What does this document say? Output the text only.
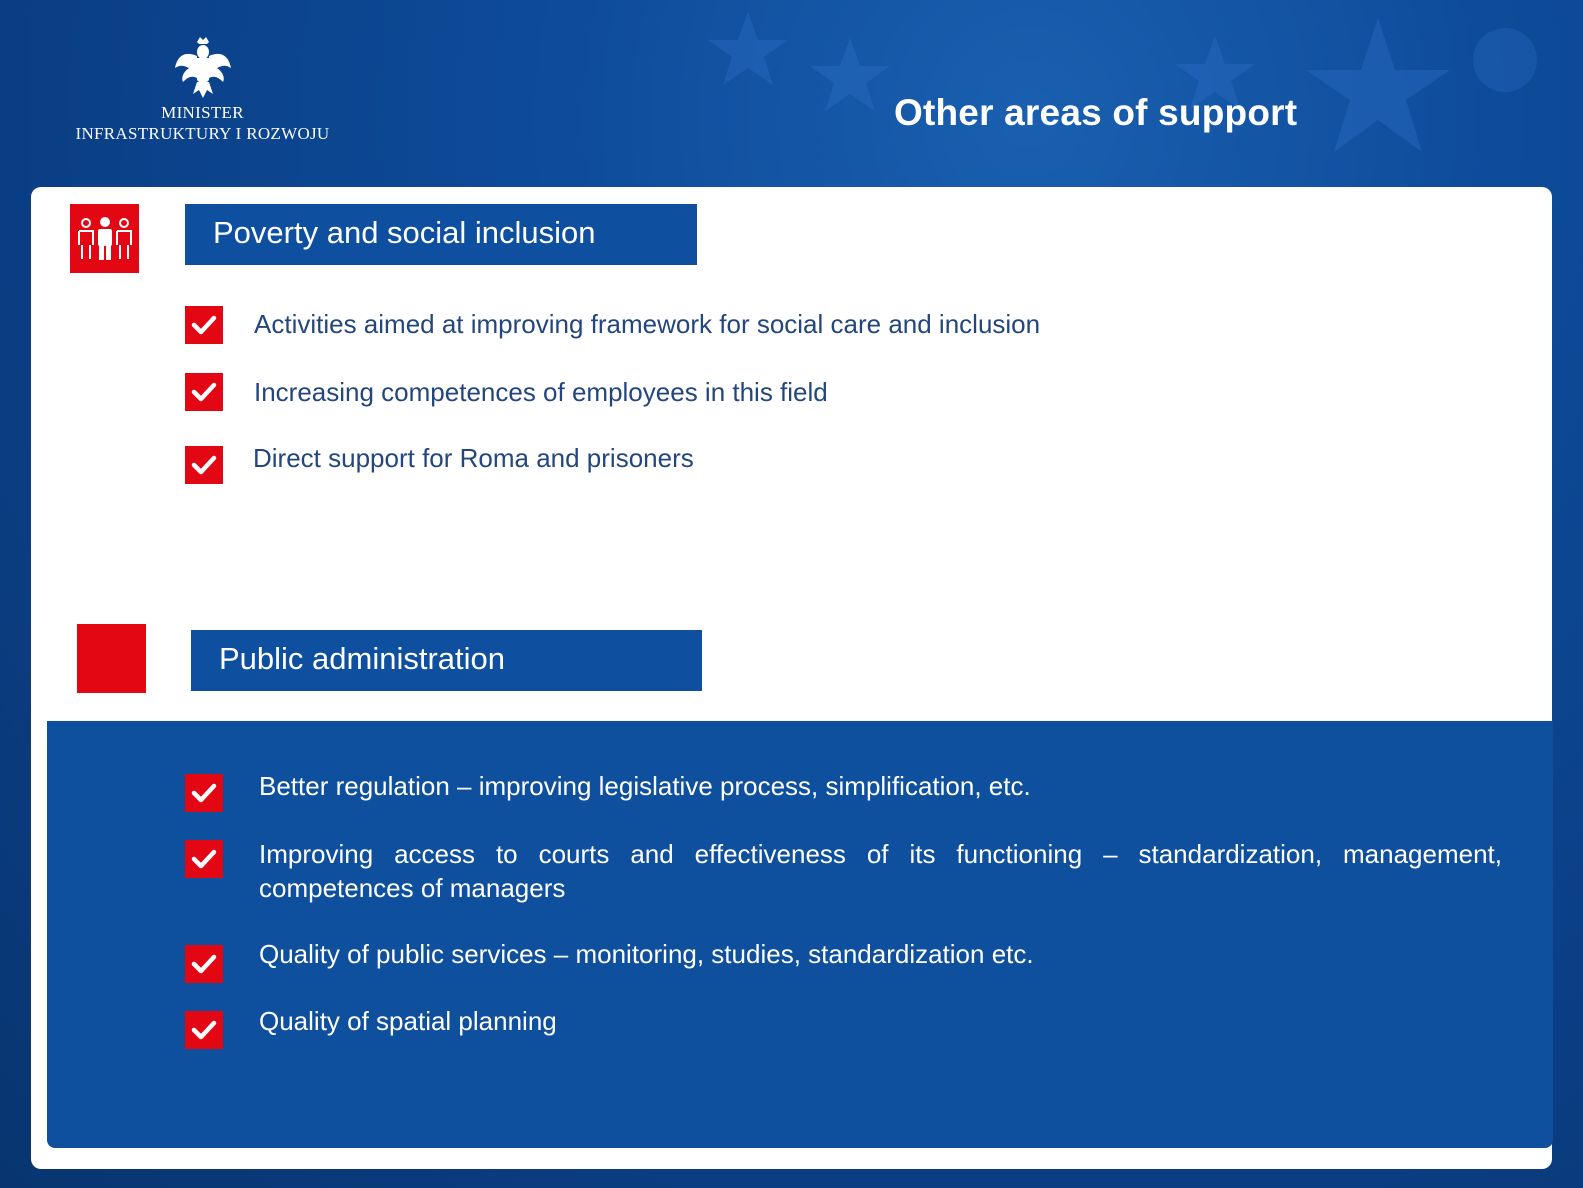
MINISTER
INFRASTRUKTURY I ROZWOJU
Other areas of support
Poverty and social inclusion
Activities aimed at improving framework for social care and inclusion
Increasing competences of employees in this field
Direct support for Roma and prisoners
Public administration
Better regulation – improving legislative process, simplification, etc.
Improving access to courts and effectiveness of its functioning – standardization, management, competences of managers
Quality of public services – monitoring, studies, standardization etc.
Quality of spatial planning
